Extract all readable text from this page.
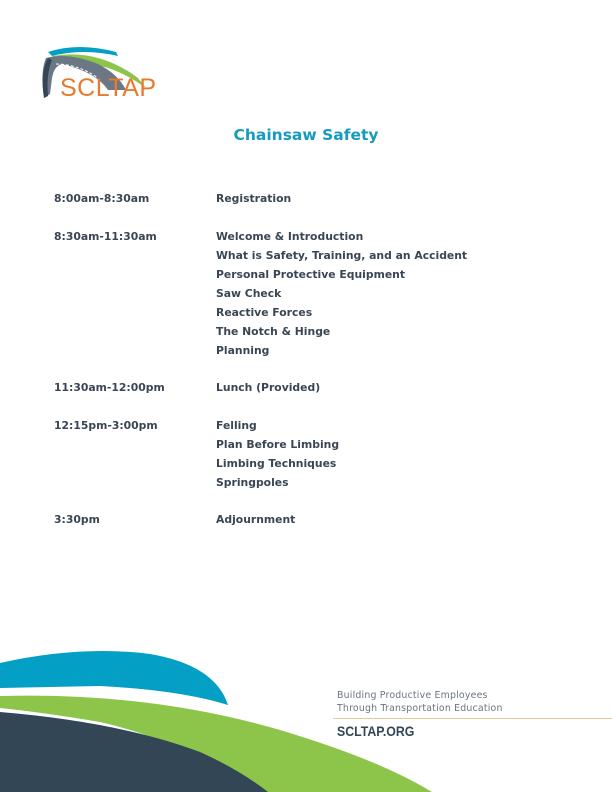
SCLTAP
Chainsaw Safety
8:00am-8:30am	Registration
8:30am-11:30am	Welcome & Introduction
What is Safety, Training, and an Accident
Personal Protective Equipment
Saw Check
Reactive Forces
The Notch & Hinge
Planning
11:30am-12:00pm	Lunch (Provided)
12:15pm-3:00pm	Felling
Plan Before Limbing
Limbing Techniques
Springpoles
3:30pm	Adjournment
Building Productive Employees
Through Transportation Education
SCLTAP.ORG
